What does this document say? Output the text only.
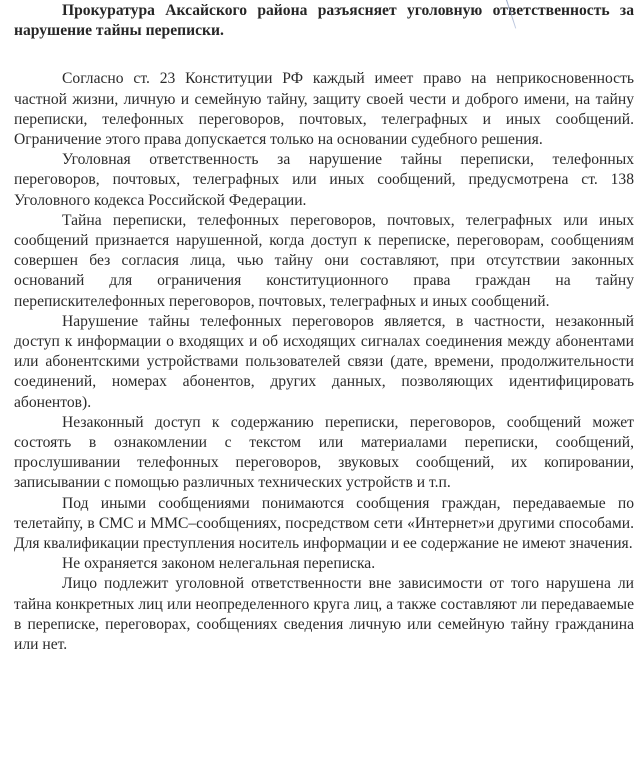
Прокуратура Аксайского района разъясняет уголовную ответственность за нарушение тайны переписки.

Согласно ст. 23 Конституции РФ каждый имеет право на неприкосновенность частной жизни, личную и семейную тайну, защиту своей чести и доброго имени, на тайну переписки, телефонных переговоров, почтовых, телеграфных и иных сообщений. Ограничение этого права допускается только на основании судебного решения.

Уголовная ответственность за нарушение тайны переписки, телефонных переговоров, почтовых, телеграфных или иных сообщений, предусмотрена ст. 138 Уголовного кодекса Российской Федерации.

Тайна переписки, телефонных переговоров, почтовых, телеграфных или иных сообщений признается нарушенной, когда доступ к переписке, переговорам, сообщениям совершен без согласия лица, чью тайну они составляют, при отсутствии законных оснований для ограничения конституционного права граждан на тайну перепискителефонных переговоров, почтовых, телеграфных и иных сообщений.

Нарушение тайны телефонных переговоров является, в частности, незаконный доступ к информации о входящих и об исходящих сигналах соединения между абонентами или абонентскими устройствами пользователей связи (дате, времени, продолжительности соединений, номерах абонентов, других данных, позволяющих идентифицировать абонентов).

Незаконный доступ к содержанию переписки, переговоров, сообщений может состоять в ознакомлении с текстом или материалами переписки, сообщений, прослушивании телефонных переговоров, звуковых сообщений, их копировании, записывании с помощью различных технических устройств и т.п.

Под иными сообщениями понимаются сообщения граждан, передаваемые по телетайпу, в СМС и ММС–сообщениях, посредством сети «Интернет»и другими способами. Для квалификации преступления носитель информации и ее содержание не имеют значения.

Не охраняется законом нелегальная переписка.

Лицо подлежит уголовной ответственности вне зависимости от того нарушена ли тайна конкретных лиц или неопределенного круга лиц, а также составляют ли передаваемые в переписке, переговорах, сообщениях сведения личную или семейную тайну гражданина или нет.
